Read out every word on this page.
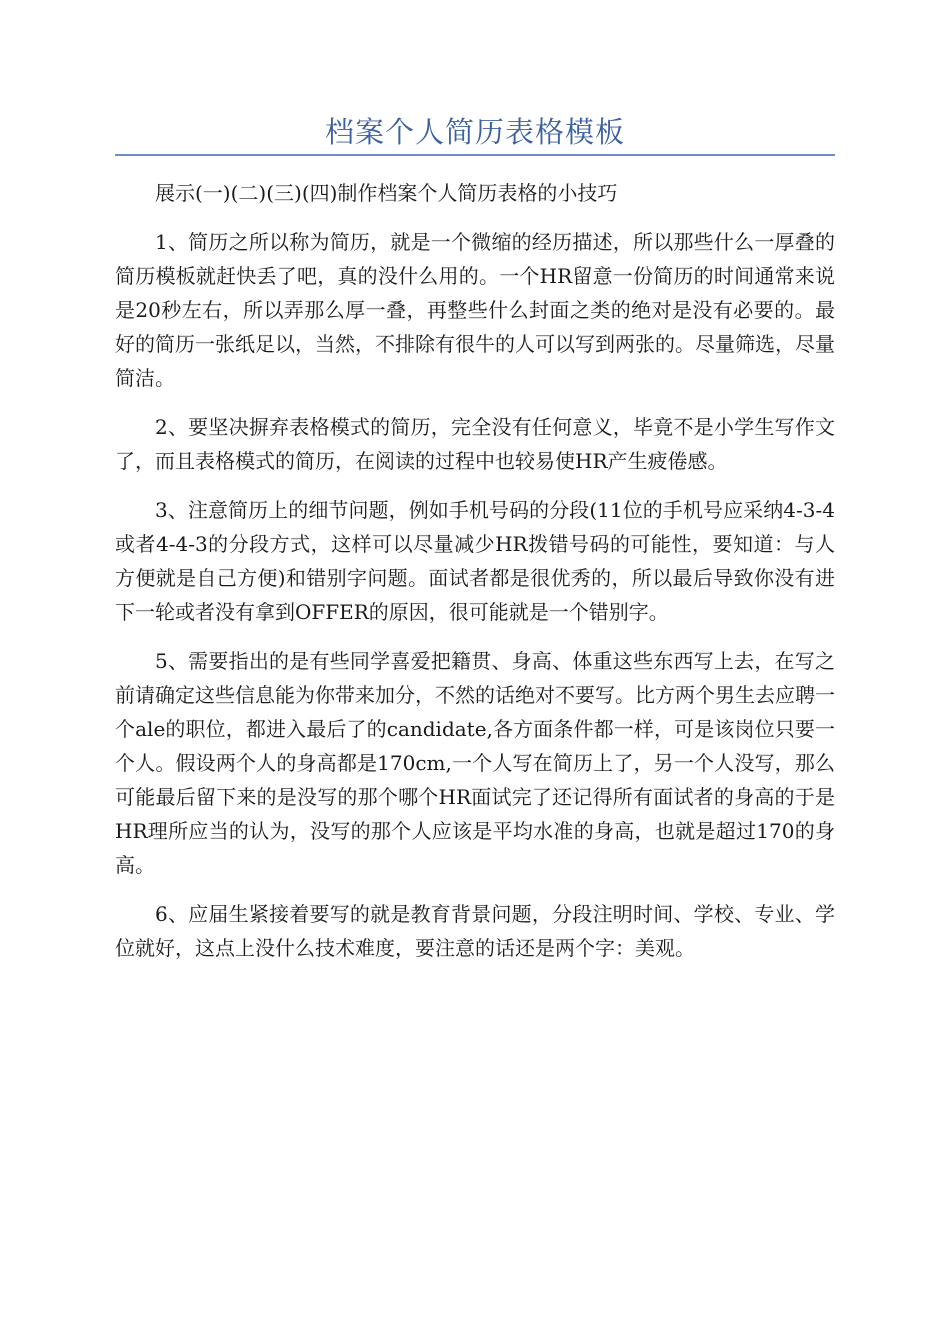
档案个人简历表格模板

展示(一)(二)(三)(四)制作档案个人简历表格的小技巧

1、简历之所以称为简历，就是一个微缩的经历描述，所以那些什么一厚叠的简历模板就赶快丢了吧，真的没什么用的。一个HR留意一份简历的时间通常来说是20秒左右，所以弄那么厚一叠，再整些什么封面之类的绝对是没有必要的。最好的简历一张纸足以，当然，不排除有很牛的人可以写到两张的。尽量筛选，尽量简洁。

2、要坚决摒弃表格模式的简历，完全没有任何意义，毕竟不是小学生写作文了，而且表格模式的简历，在阅读的过程中也较易使HR产生疲倦感。

3、注意简历上的细节问题，例如手机号码的分段(11位的手机号应采纳4-3-4或者4-4-3的分段方式，这样可以尽量减少HR拨错号码的可能性，要知道：与人方便就是自己方便)和错别字问题。面试者都是很优秀的，所以最后导致你没有进下一轮或者没有拿到OFFER的原因，很可能就是一个错别字。

5、需要指出的是有些同学喜爱把籍贯、身高、体重这些东西写上去，在写之前请确定这些信息能为你带来加分，不然的话绝对不要写。比方两个男生去应聘一个ale的职位，都进入最后了的candidate,各方面条件都一样，可是该岗位只要一个人。假设两个人的身高都是170cm,一个人写在简历上了，另一个人没写，那么可能最后留下来的是没写的那个哪个HR面试完了还记得所有面试者的身高的于是HR理所应当的认为，没写的那个人应该是平均水准的身高，也就是超过170的身高。

6、应届生紧接着要写的就是教育背景问题，分段注明时间、学校、专业、学位就好，这点上没什么技术难度，要注意的话还是两个字：美观。
